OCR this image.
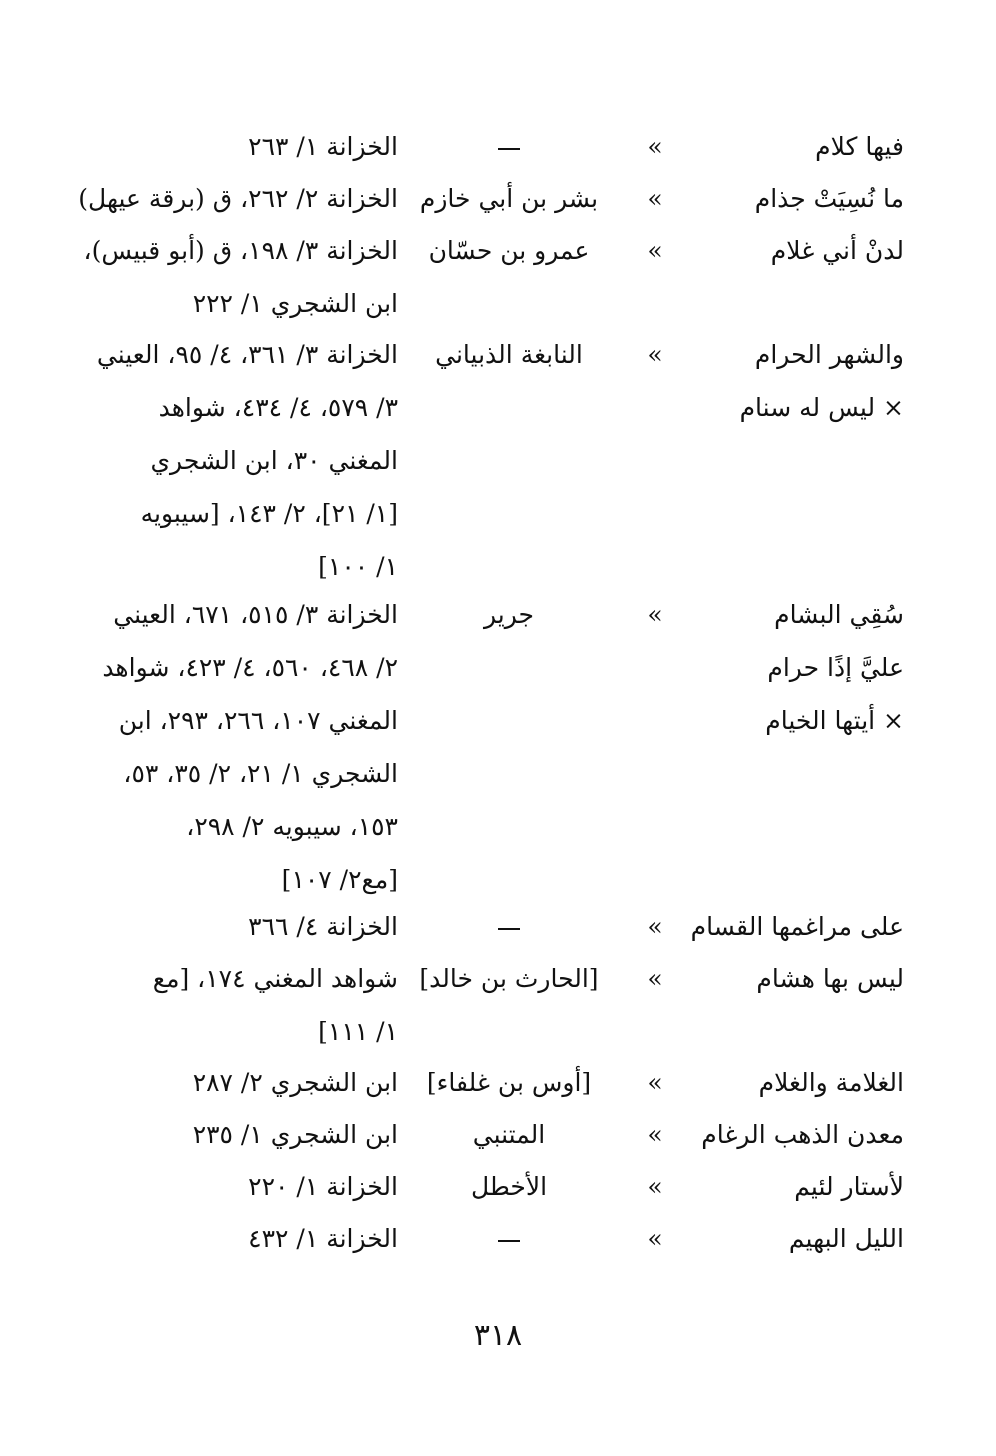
فيها كلام
»
الخزانة ١/ ٢٦٣
ما نُسِيَتْ جذام
»
بشر بن أبي خازم
الخزانة ٢/ ٢٦٢، ق (برقة عيهل)
لدنْ أني غلام
»
عمرو بن حسّان
الخزانة ٣/ ١٩٨، ق (أبو قبيس)،
ابن الشجري ١/ ٢٢٢
والشهر الحرام
× ليس له سنام
»
النابغة الذبياني
الخزانة ٣/ ٣٦١، ٤/ ٩٥، العيني
٣/ ٥٧٩، ٤/ ٤٣٤، شواهد
المغني ٣٠، ابن الشجري
[١/ ٢١]، ٢/ ١٤٣، [سيبويه
١/ ١٠٠]
سُقِي البشام
عليَّ إذًا حرام
× أيتها الخيام
»
جرير
الخزانة ٣/ ٥١٥، ٦٧١، العيني
٢/ ٤٦٨، ٥٦٠، ٤/ ٤٢٣، شواهد
المغني ١٠٧، ٢٦٦، ٢٩٣، ابن
الشجري ١/ ٢١، ٢/ ٣٥، ٥٣،
١٥٣، سيبويه ٢/ ٢٩٨،
[مع٢/ ١٠٧]
على مراغمها القسام
»
الخزانة ٤/ ٣٦٦
ليس بها هشام
»
[الحارث بن خالد]
شواهد المغني ١٧٤، [مع
١/ ١١١]
الغلامة والغلام
»
[أوس بن غلفاء]
ابن الشجري ٢/ ٢٨٧
معدن الذهب الرغام
»
المتنبي
ابن الشجري ١/ ٢٣٥
لأستار لئيم
»
الأخطل
الخزانة ١/ ٢٢٠
الليل البهيم
»
الخزانة ١/ ٤٣٢
٣١٨
